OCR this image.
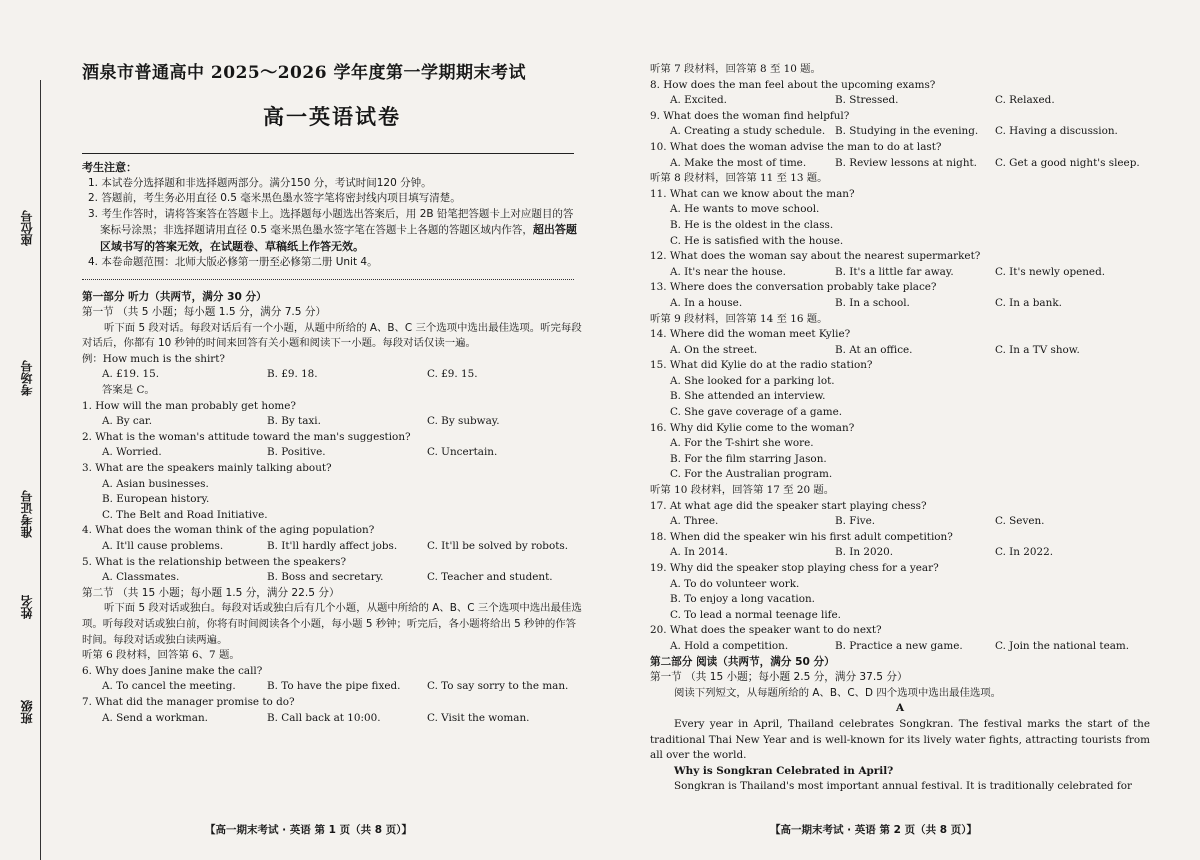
座位号
考场号
准考证号
姓名
班级
酒泉市普通高中 2025～2026 学年度第一学期期末考试
高一英语试卷
考生注意：

1. 本试卷分选择题和非选择题两部分。满分150 分，考试时间120 分钟。

2. 答题前，考生务必用直径 0.5 毫米黑色墨水签字笔将密封线内项目填写清楚。

3. 考生作答时，请将答案答在答题卡上。选择题每小题选出答案后，用 2B 铅笔把答题卡上对应题目的答案标号涂黑；非选择题请用直径 0.5 毫米黑色墨水签字笔在答题卡上各题的答题区域内作答，超出答题区域书写的答案无效，在试题卷、草稿纸上作答无效。

4. 本卷命题范围：北师大版必修第一册至必修第二册 Unit 4。

第一部分 听力（共两节，满分 30 分）

第一节 （共 5 小题；每小题 1.5 分，满分 7.5 分）

听下面 5 段对话。每段对话后有一个小题，从题中所给的 A、B、C 三个选项中选出最佳选项。听完每段对话后，你都有 10 秒钟的时间来回答有关小题和阅读下一小题。每段对话仅读一遍。

例：How much is the shirt?

A. £19. 15.	B. £9. 18.	C. £9. 15.

答案是 C。

1. How will the man probably get home?

A. By car.	B. By taxi.	C. By subway.

2. What is the woman's attitude toward the man's suggestion?

A. Worried.	B. Positive.	C. Uncertain.

3. What are the speakers mainly talking about?

A. Asian businesses.

B. European history.

C. The Belt and Road Initiative.

4. What does the woman think of the aging population?

A. It'll cause problems.	B. It'll hardly affect jobs.	C. It'll be solved by robots.

5. What is the relationship between the speakers?

A. Classmates.	B. Boss and secretary.	C. Teacher and student.

第二节 （共 15 小题；每小题 1.5 分，满分 22.5 分）

听下面 5 段对话或独白。每段对话或独白后有几个小题，从题中所给的 A、B、C 三个选项中选出最佳选项。听每段对话或独白前，你将有时间阅读各个小题，每小题 5 秒钟；听完后，各小题将给出 5 秒钟的作答时间。每段对话或独白读两遍。

听第 6 段材料，回答第 6、7 题。

6. Why does Janine make the call?

A. To cancel the meeting.	B. To have the pipe fixed.	C. To say sorry to the man.

7. What did the manager promise to do?

A. Send a workman.	B. Call back at 10:00.	C. Visit the woman.
【高一期末考试 · 英语 第 1 页（共 8 页）】

听第 7 段材料，回答第 8 至 10 题。

8. How does the man feel about the upcoming exams?

A. Excited.	B. Stressed.	C. Relaxed.

9. What does the woman find helpful?

A. Creating a study schedule. B. Studying in the evening.	C. Having a discussion.

10. What does the woman advise the man to do at last?

A. Make the most of time.	B. Review lessons at night.	C. Get a good night's sleep.

听第 8 段材料，回答第 11 至 13 题。

11. What can we know about the man?

A. He wants to move school.

B. He is the oldest in the class.

C. He is satisfied with the house.

12. What does the woman say about the nearest supermarket?

A. It's near the house.	B. It's a little far away.	C. It's newly opened.

13. Where does the conversation probably take place?

A. In a house.	B. In a school.	C. In a bank.

听第 9 段材料，回答第 14 至 16 题。

14. Where did the woman meet Kylie?

A. On the street.	B. At an office.	C. In a TV show.

15. What did Kylie do at the radio station?

A. She looked for a parking lot.

B. She attended an interview.

C. She gave coverage of a game.

16. Why did Kylie come to the woman?

A. For the T-shirt she wore.

B. For the film starring Jason.

C. For the Australian program.

听第 10 段材料，回答第 17 至 20 题。

17. At what age did the speaker start playing chess?

A. Three.	B. Five.	C. Seven.

18. When did the speaker win his first adult competition?

A. In 2014.	B. In 2020.	C. In 2022.

19. Why did the speaker stop playing chess for a year?

A. To do volunteer work.

B. To enjoy a long vacation.

C. To lead a normal teenage life.

20. What does the speaker want to do next?

A. Hold a competition.	B. Practice a new game.	C. Join the national team.

第二部分 阅读（共两节，满分 50 分）

第一节 （共 15 小题；每小题 2.5 分，满分 37.5 分）

阅读下列短文，从每题所给的 A、B、C、D 四个选项中选出最佳选项。

A

Every year in April, Thailand celebrates Songkran. The festival marks the start of the traditional Thai New Year and is well-known for its lively water fights, attracting tourists from all over the world.

Why is Songkran Celebrated in April?

Songkran is Thailand's most important annual festival. It is traditionally celebrated for

【高一期末考试 · 英语 第 2 页（共 8 页）】
